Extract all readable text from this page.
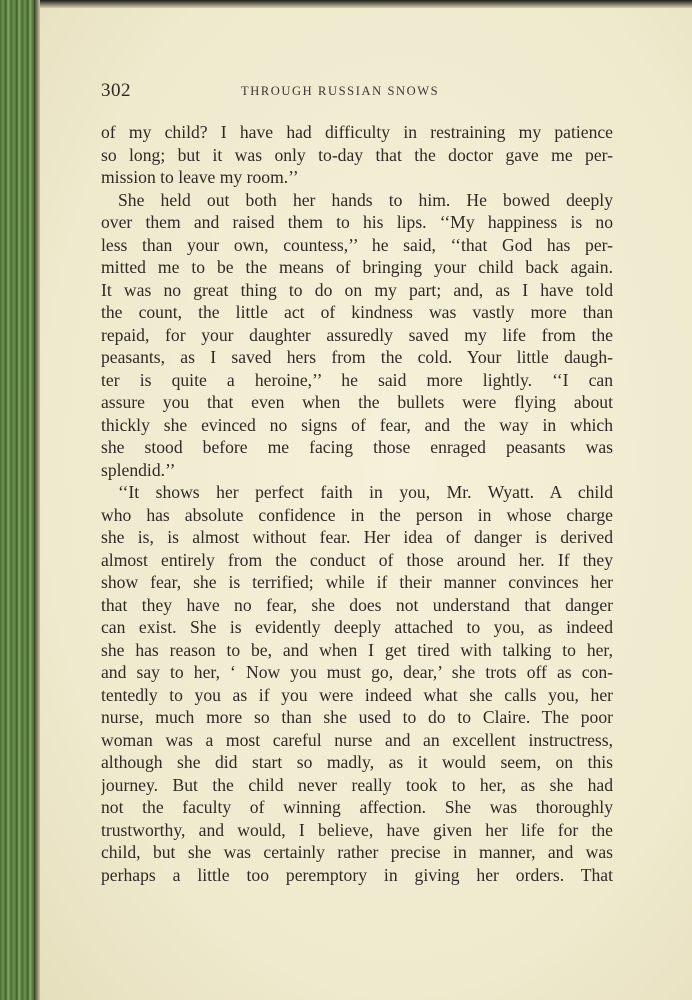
302	THROUGH RUSSIAN SNOWS
of my child? I have had difficulty in restraining my patience
so long; but it was only to-day that the doctor gave me per-
mission to leave my room.’’
She held out both her hands to him. He bowed deeply
over them and raised them to his lips. ‘‘My happiness is no
less than your own, countess,’’ he said, ‘‘that God has per-
mitted me to be the means of bringing your child back again.
It was no great thing to do on my part; and, as I have told
the count, the little act of kindness was vastly more than
repaid, for your daughter assuredly saved my life from the
peasants, as I saved hers from the cold. Your little daugh-
ter is quite a heroine,’’ he said more lightly. ‘‘I can
assure you that even when the bullets were flying about
thickly she evinced no signs of fear, and the way in which
she stood before me facing those enraged peasants was
splendid.’’
‘‘It shows her perfect faith in you, Mr. Wyatt. A child
who has absolute confidence in the person in whose charge
she is, is almost without fear. Her idea of danger is derived
almost entirely from the conduct of those around her. If they
show fear, she is terrified; while if their manner convinces her
that they have no fear, she does not understand that danger
can exist. She is evidently deeply attached to you, as indeed
she has reason to be, and when I get tired with talking to her,
and say to her, ‘ Now you must go, dear,’ she trots off as con-
tentedly to you as if you were indeed what she calls you, her
nurse, much more so than she used to do to Claire. The poor
woman was a most careful nurse and an excellent instructress,
although she did start so madly, as it would seem, on this
journey. But the child never really took to her, as she had
not the faculty of winning affection. She was thoroughly
trustworthy, and would, I believe, have given her life for the
child, but she was certainly rather precise in manner, and was
perhaps a little too peremptory in giving her orders. That
